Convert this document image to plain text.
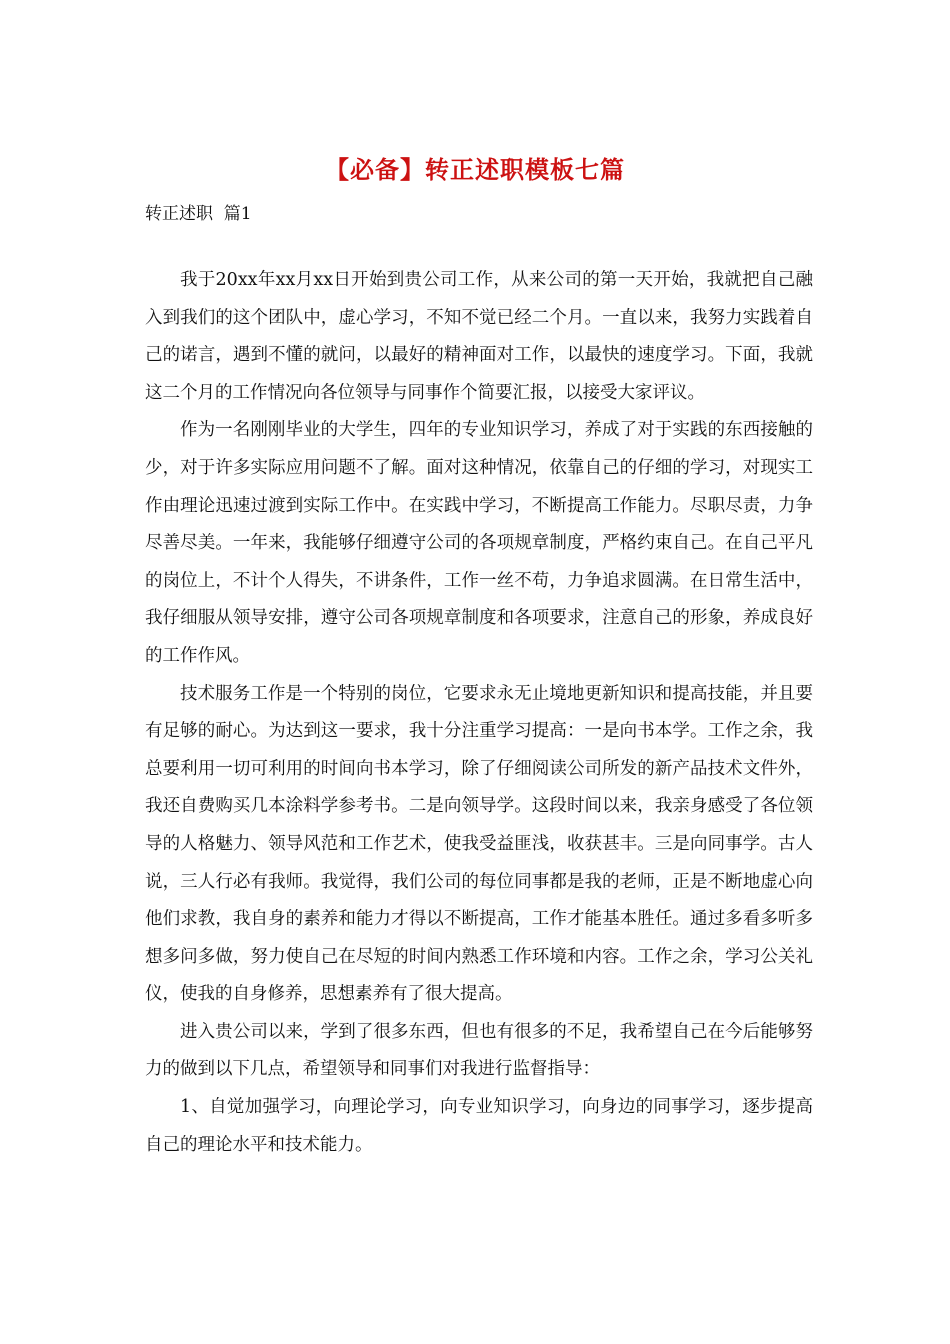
【必备】转正述职模板七篇
转正述职  篇1

我于20xx年xx月xx日开始到贵公司工作，从来公司的第一天开始，我就把自己融入到我们的这个团队中，虚心学习，不知不觉已经二个月。一直以来，我努力实践着自己的诺言，遇到不懂的就问，以最好的精神面对工作，以最快的速度学习。下面，我就这二个月的工作情况向各位领导与同事作个简要汇报，以接受大家评议。

作为一名刚刚毕业的大学生，四年的专业知识学习，养成了对于实践的东西接触的少，对于许多实际应用问题不了解。面对这种情况，依靠自己的仔细的学习，对现实工作由理论迅速过渡到实际工作中。在实践中学习，不断提高工作能力。尽职尽责，力争尽善尽美。一年来，我能够仔细遵守公司的各项规章制度，严格约束自己。在自己平凡的岗位上，不计个人得失，不讲条件，工作一丝不苟，力争追求圆满。在日常生活中，我仔细服从领导安排，遵守公司各项规章制度和各项要求，注意自己的形象，养成良好的工作作风。

技术服务工作是一个特别的岗位，它要求永无止境地更新知识和提高技能，并且要有足够的耐心。为达到这一要求，我十分注重学习提高：一是向书本学。工作之余，我总要利用一切可利用的时间向书本学习，除了仔细阅读公司所发的新产品技术文件外，我还自费购买几本涂料学参考书。二是向领导学。这段时间以来，我亲身感受了各位领导的人格魅力、领导风范和工作艺术，使我受益匪浅，收获甚丰。三是向同事学。古人说，三人行必有我师。我觉得，我们公司的每位同事都是我的老师，正是不断地虚心向他们求教，我自身的素养和能力才得以不断提高，工作才能基本胜任。通过多看多听多想多问多做，努力使自己在尽短的时间内熟悉工作环境和内容。工作之余，学习公关礼仪，使我的自身修养，思想素养有了很大提高。

进入贵公司以来，学到了很多东西，但也有很多的不足，我希望自己在今后能够努力的做到以下几点，希望领导和同事们对我进行监督指导：

1、自觉加强学习，向理论学习，向专业知识学习，向身边的同事学习，逐步提高自己的理论水平和技术能力。
